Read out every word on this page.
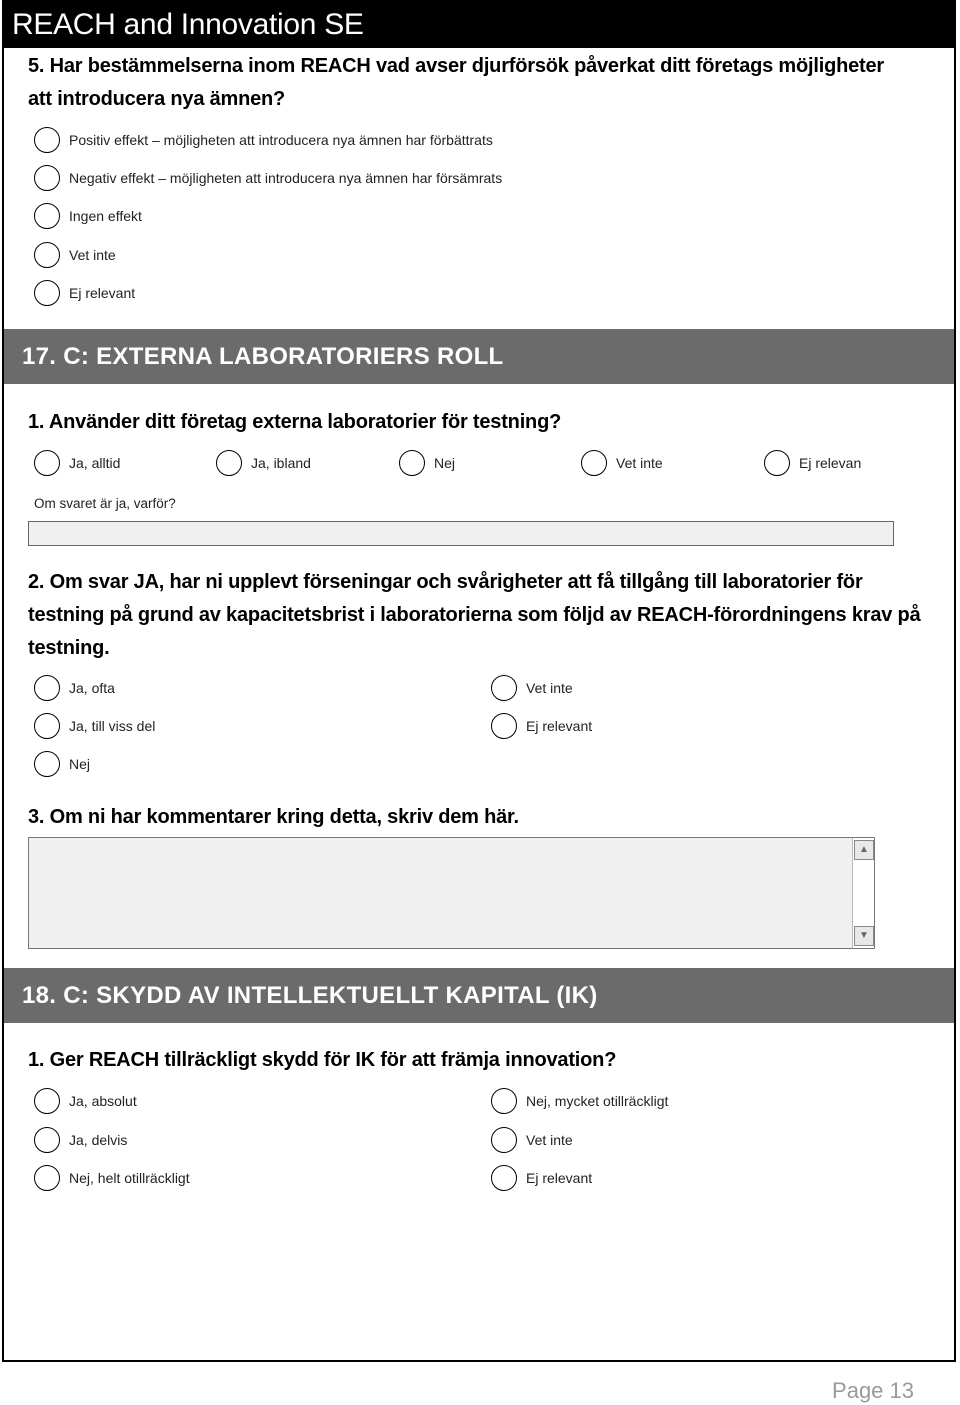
REACH and Innovation SE
5. Har bestämmelserna inom REACH vad avser djurförsök påverkat ditt företags möjligheter att introducera nya ämnen?
Positiv effekt – möjligheten att introducera nya ämnen har förbättrats
Negativ effekt – möjligheten att introducera nya ämnen har försämrats
Ingen effekt
Vet inte
Ej relevant
17. C: EXTERNA LABORATORIERS ROLL
1. Använder ditt företag externa laboratorier för testning?
Ja, alltid	Ja, ibland	Nej	Vet inte	Ej relevan
Om svaret är ja, varför?
2. Om svar JA, har ni upplevt förseningar och svårigheter att få tillgång till laboratorier för testning på grund av kapacitetsbrist i laboratorierna som följd av REACH-förordningens krav på testning.
Ja, ofta	Vet inte
Ja, till viss del	Ej relevant
Nej
3. Om ni har kommentarer kring detta, skriv dem här.
▲
▼
18. C: SKYDD AV INTELLEKTUELLT KAPITAL (IK)
1. Ger REACH tillräckligt skydd för IK för att främja innovation?
Ja, absolut	Nej, mycket otillräckligt
Ja, delvis	Vet inte
Nej, helt otillräckligt	Ej relevant
Page 13
